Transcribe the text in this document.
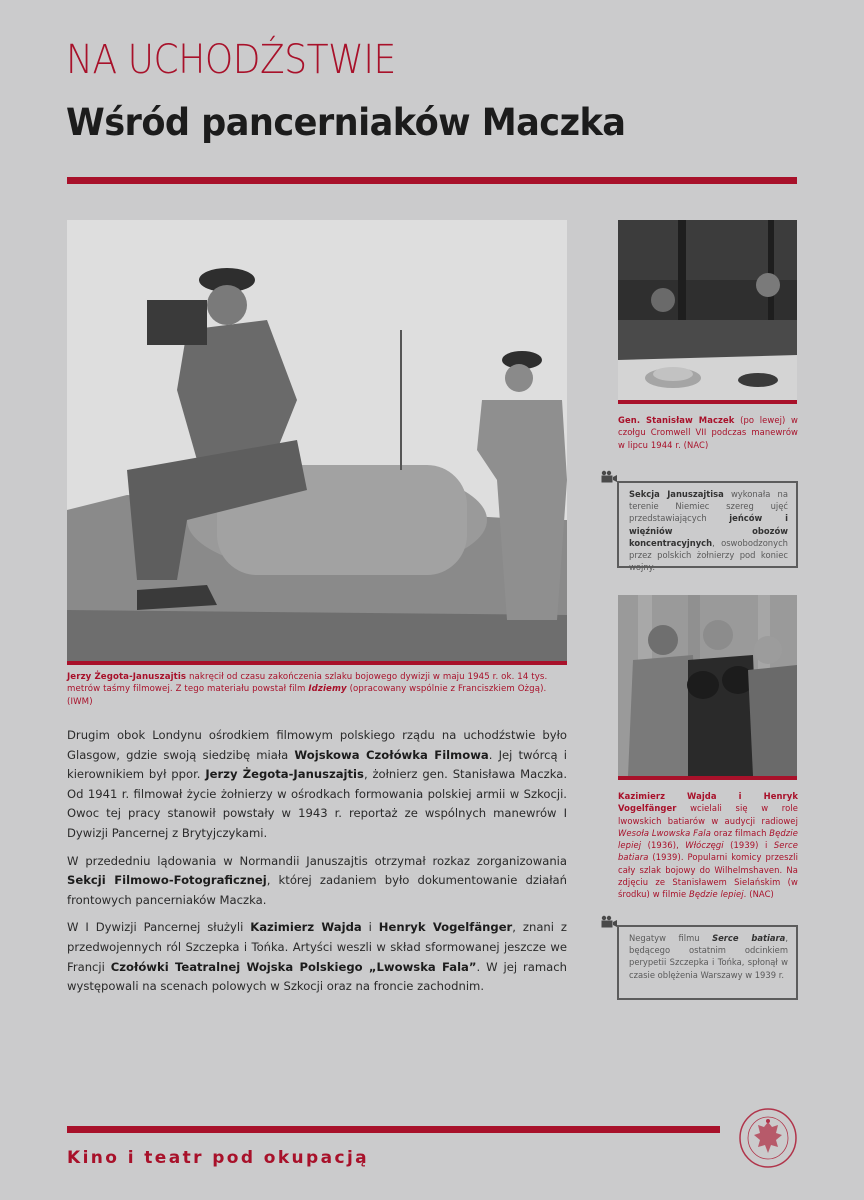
NA UCHODŹSTWIE
Wśród pancerniaków Maczka
Jerzy Żegota-Januszajtis nakręcił od czasu zakończenia szlaku bojowego dywizji w maju 1945 r. ok. 14 tys. metrów taśmy filmowej. Z tego materiału powstał film Idziemy (opracowany wspólnie z Franciszkiem Ożgą). (IWM)

Drugim obok Londynu ośrodkiem filmowym polskiego rządu na uchodźstwie było Glasgow, gdzie swoją siedzibę miała Wojskowa Czołówka Filmowa. Jej twórcą i kierownikiem był ppor. Jerzy Żegota-Januszajtis, żołnierz gen. Stanisława Maczka. Od 1941 r. filmował życie żołnierzy w ośrodkach formowania polskiej armii w Szkocji. Owoc tej pracy stanowił powstały w 1943 r. reportaż ze wspólnych manewrów I Dywizji Pancernej z Brytyjczykami.

W przededniu lądowania w Normandii Januszajtis otrzymał rozkaz zorganizowania Sekcji Filmowo-Fotograficznej, której zadaniem było dokumentowanie działań frontowych pancerniaków Maczka.

W I Dywizji Pancernej służyli Kazimierz Wajda i Henryk Vogelfänger, znani z przedwojennych ról Szczepka i Tońka. Artyści weszli w skład sformowanej jeszcze we Francji Czołówki Teatralnej Wojska Polskiego „Lwowska Fala”. W jej ramach występowali na scenach polowych w Szkocji oraz na froncie zachodnim.

Gen. Stanisław Maczek (po lewej) w czołgu Cromwell VII podczas manewrów w lipcu 1944 r. (NAC)
Sekcja Januszajtisa wykonała na terenie Niemiec szereg ujęć przedstawiających jeńców i więźniów obozów koncentracyjnych, oswobodzonych przez polskich żołnierzy pod koniec wojny.
Kazimierz Wajda i Henryk Vogelfänger wcielali się w role lwowskich batiarów w audycji radiowej Wesoła Lwowska Fala oraz filmach Będzie lepiej (1936), Włóczęgi (1939) i Serce batiara (1939). Popularni komicy przeszli cały szlak bojowy do Wilhelmshaven. Na zdjęciu ze Stanisławem Sielańskim (w środku) w filmie Będzie lepiej. (NAC)
Negatyw filmu Serce batiara, będącego ostatnim odcinkiem perypetii Szczepka i Tońka, spłonął w czasie oblężenia Warszawy w 1939 r.
Kino i teatr pod okupacją
